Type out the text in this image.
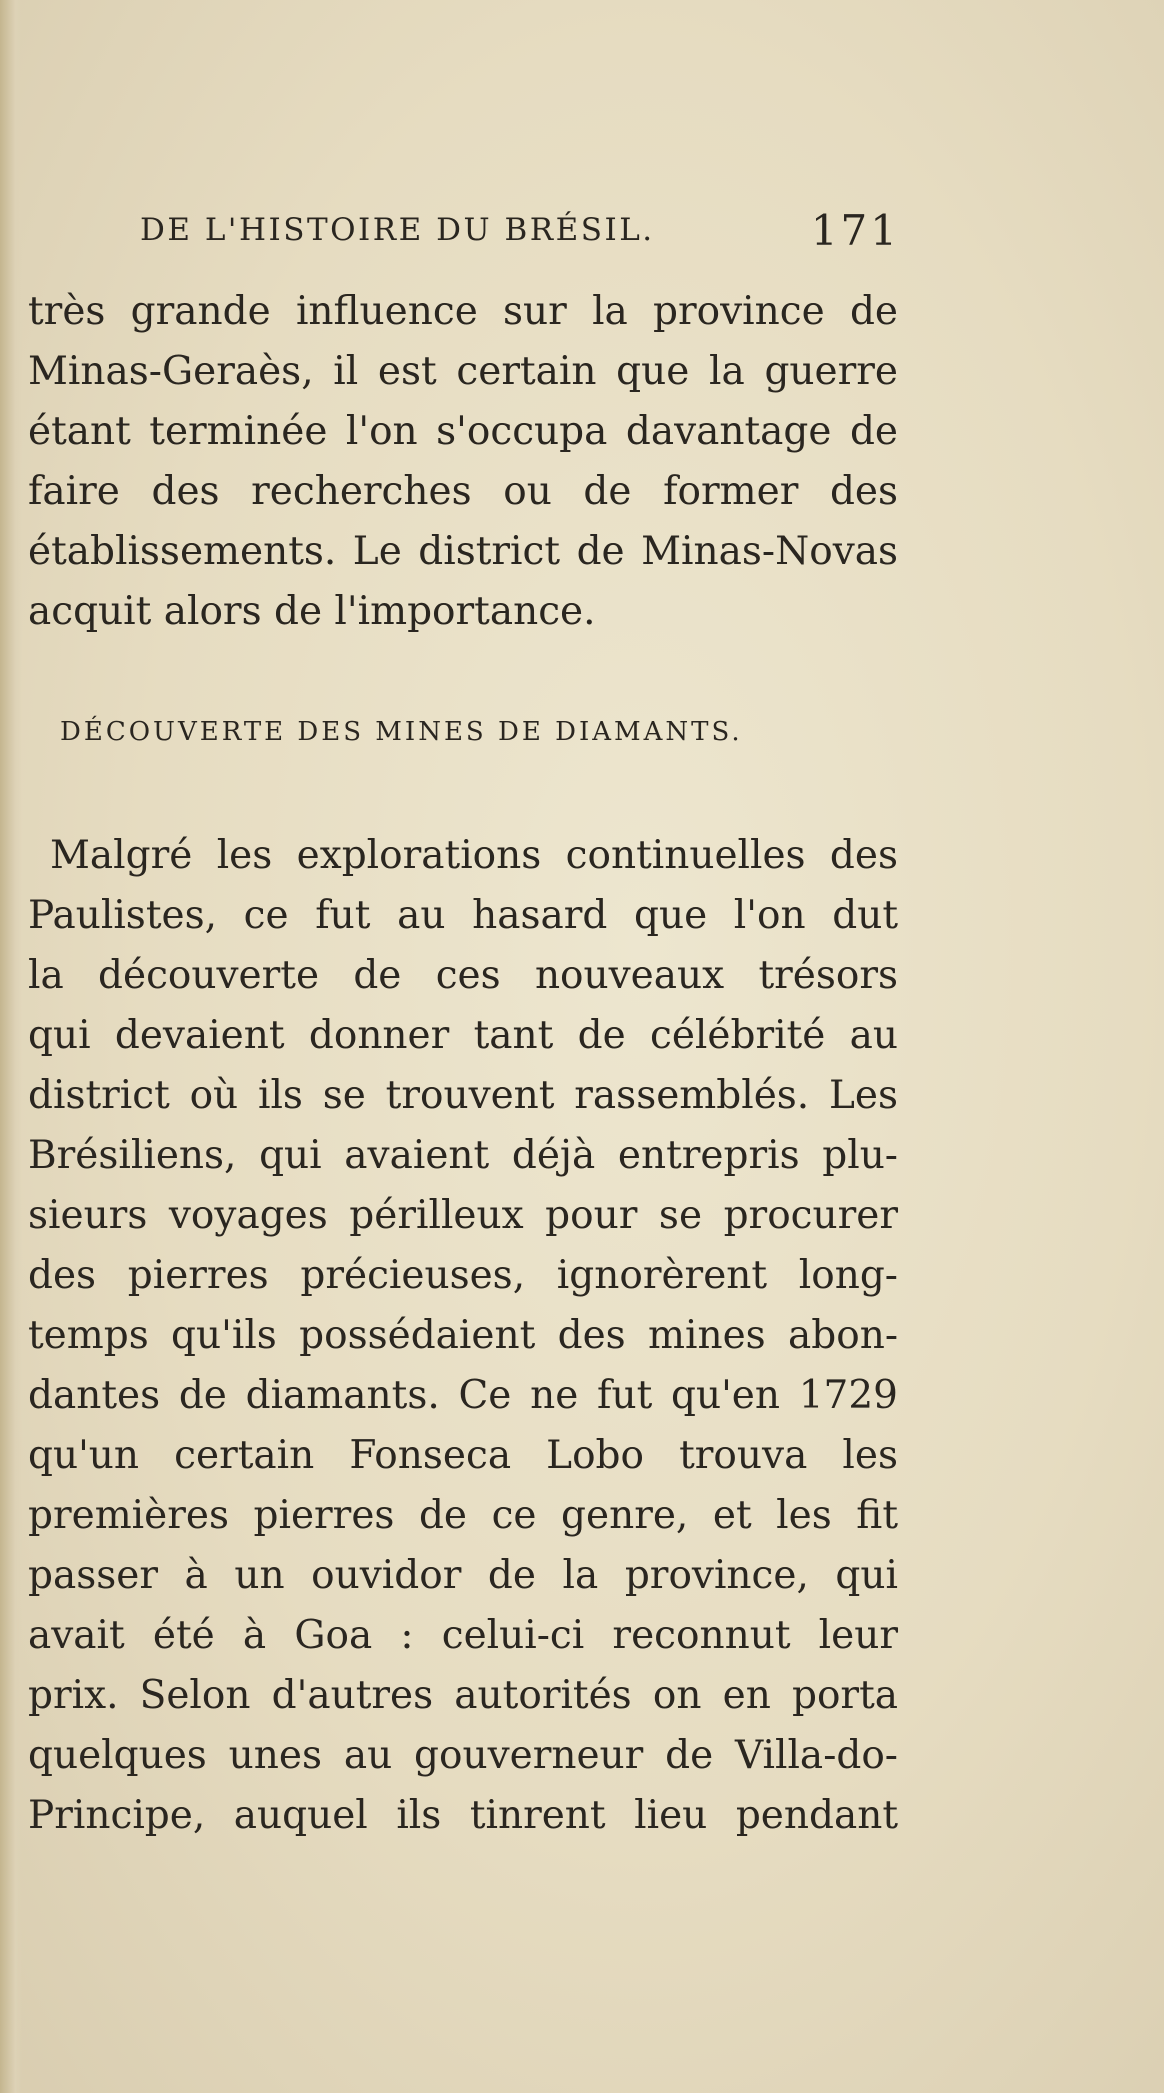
DE L'HISTOIRE DU BRÉSIL.	171
très grande influence sur la province de
Minas-Geraès, il est certain que la guerre
étant terminée l'on s'occupa davantage de
faire des recherches ou de former des
établissements. Le district de Minas-Novas
acquit alors de l'importance.
DÉCOUVERTE DES MINES DE DIAMANTS.
Malgré les explorations continuelles des
Paulistes, ce fut au hasard que l'on dut
la découverte de ces nouveaux trésors
qui devaient donner tant de célébrité au
district où ils se trouvent rassemblés. Les
Brésiliens, qui avaient déjà entrepris plu-
sieurs voyages périlleux pour se procurer
des pierres précieuses, ignorèrent long-
temps qu'ils possédaient des mines abon-
dantes de diamants. Ce ne fut qu'en 1729
qu'un certain Fonseca Lobo trouva les
premières pierres de ce genre, et les fit
passer à un ouvidor de la province, qui
avait été à Goa : celui-ci reconnut leur
prix. Selon d'autres autorités on en porta
quelques unes au gouverneur de Villa-do-
Principe, auquel ils tinrent lieu pendant
